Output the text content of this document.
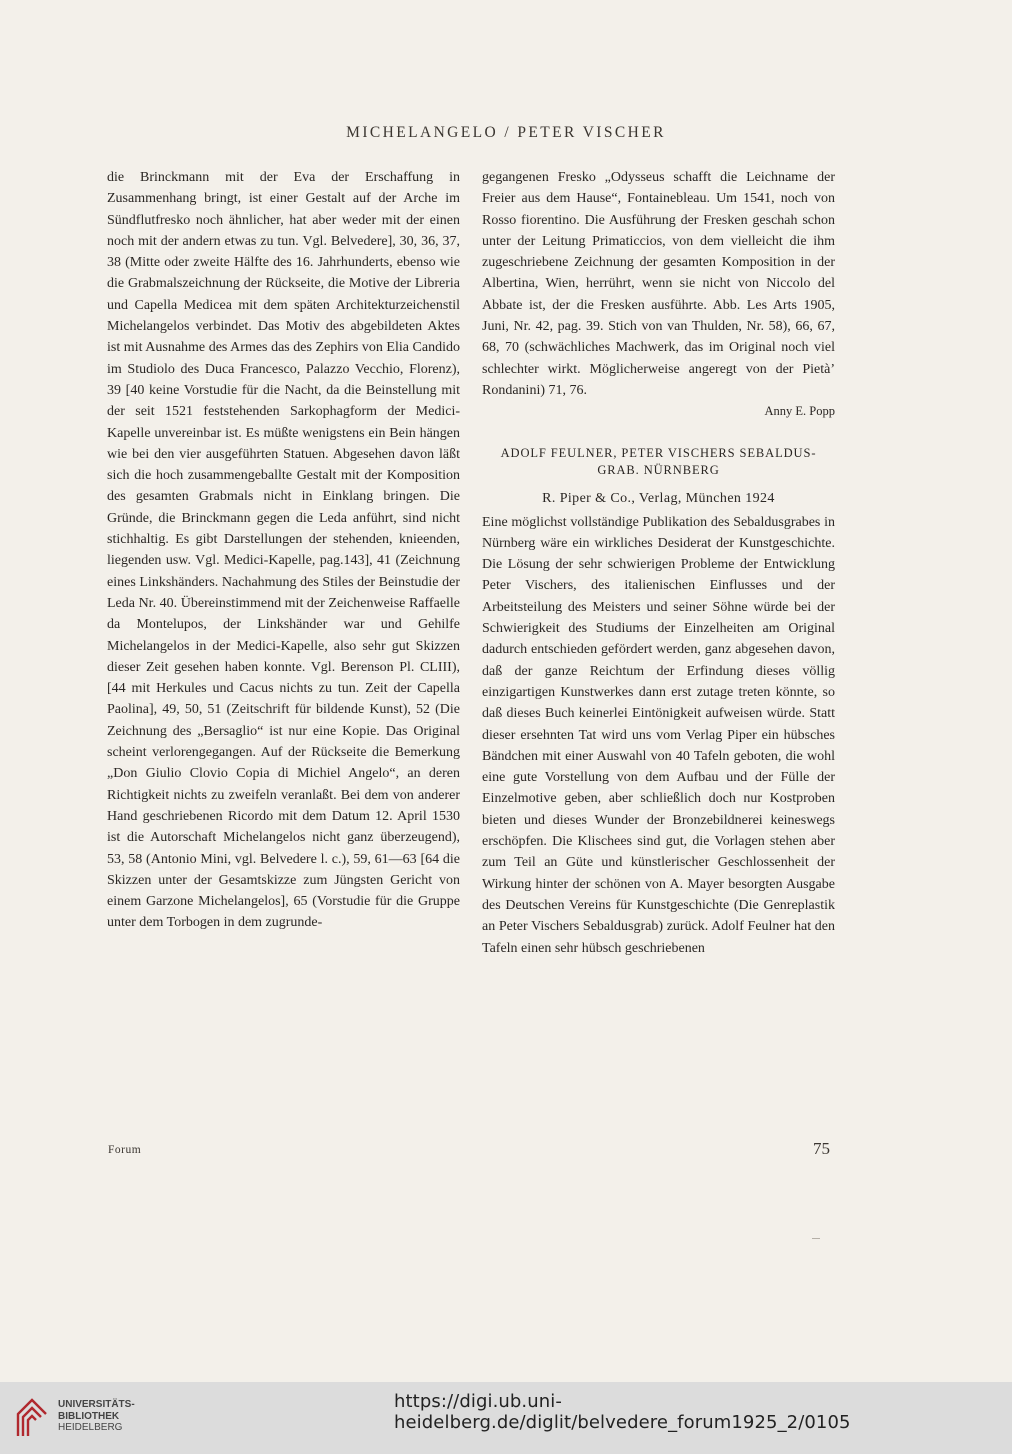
MICHELANGELO / PETER VISCHER

die Brinckmann mit der Eva der Erschaffung in Zusammenhang bringt, ist einer Gestalt auf der Arche im Sündflutfresko noch ähnlicher, hat aber weder mit der einen noch mit der andern etwas zu tun. Vgl. Belvedere], 30, 36, 37, 38 (Mitte oder zweite Hälfte des 16. Jahrhunderts, ebenso wie die Grabmalszeichnung der Rückseite, die Motive der Libreria und Capella Medicea mit dem späten Architekturzeichenstil Michelangelos verbindet. Das Motiv des abgebildeten Aktes ist mit Ausnahme des Armes das des Zephirs von Elia Candido im Studiolo des Duca Francesco, Palazzo Vecchio, Florenz), 39 [40 keine Vorstudie für die Nacht, da die Beinstellung mit der seit 1521 feststehenden Sarkophagform der Medici-Kapelle unvereinbar ist. Es müßte wenigstens ein Bein hängen wie bei den vier ausgeführten Statuen. Abgesehen davon läßt sich die hoch zusammengeballte Gestalt mit der Komposition des gesamten Grabmals nicht in Einklang bringen. Die Gründe, die Brinckmann gegen die Leda anführt, sind nicht stichhaltig. Es gibt Darstellungen der stehenden, knieenden, liegenden usw. Vgl. Medici-Kapelle, pag.143], 41 (Zeichnung eines Linkshänders. Nachahmung des Stiles der Beinstudie der Leda Nr. 40. Übereinstimmend mit der Zeichenweise Raffaelle da Montelupos, der Linkshänder war und Gehilfe Michelangelos in der Medici-Kapelle, also sehr gut Skizzen dieser Zeit gesehen haben konnte. Vgl. Berenson Pl. CLIII), [44 mit Herkules und Cacus nichts zu tun. Zeit der Capella Paolina], 49, 50, 51 (Zeitschrift für bildende Kunst), 52 (Die Zeichnung des „Bersaglio“ ist nur eine Kopie. Das Original scheint verlorengegangen. Auf der Rückseite die Bemerkung „Don Giulio Clovio Copia di Michiel Angelo“, an deren Richtigkeit nichts zu zweifeln veranlaßt. Bei dem von anderer Hand geschriebenen Ricordo mit dem Datum 12. April 1530 ist die Autorschaft Michelangelos nicht ganz überzeugend), 53, 58 (Antonio Mini, vgl. Belvedere l. c.), 59, 61—63 [64 die Skizzen unter der Gesamtskizze zum Jüngsten Gericht von einem Garzone Michelangelos], 65 (Vorstudie für die Gruppe unter dem Torbogen in dem zugrunde-

gegangenen Fresko „Odysseus schafft die Leichname der Freier aus dem Hause“, Fontainebleau. Um 1541, noch von Rosso fiorentino. Die Ausführung der Fresken geschah schon unter der Leitung Primaticcios, von dem vielleicht die ihm zugeschriebene Zeichnung der gesamten Komposition in der Albertina, Wien, herrührt, wenn sie nicht von Niccolo del Abbate ist, der die Fresken ausführte. Abb. Les Arts 1905, Juni, Nr. 42, pag. 39. Stich von van Thulden, Nr. 58), 66, 67, 68, 70 (schwächliches Machwerk, das im Original noch viel schlechter wirkt. Möglicherweise angeregt von der Pietà’ Rondanini) 71, 76.

Anny E. Popp
ADOLF FEULNER, PETER VISCHERS SEBALDUS-
GRAB. NÜRNBERG
R. Piper & Co., Verlag, München 1924

Eine möglichst vollständige Publikation des Sebaldusgrabes in Nürnberg wäre ein wirkliches Desiderat der Kunstgeschichte. Die Lösung der sehr schwierigen Probleme der Entwicklung Peter Vischers, des italienischen Einflusses und der Arbeitsteilung des Meisters und seiner Söhne würde bei der Schwierigkeit des Studiums der Einzelheiten am Original dadurch entschieden gefördert werden, ganz abgesehen davon, daß der ganze Reichtum der Erfindung dieses völlig einzigartigen Kunstwerkes dann erst zutage treten könnte, so daß dieses Buch keinerlei Eintönigkeit aufweisen würde. Statt dieser ersehnten Tat wird uns vom Verlag Piper ein hübsches Bändchen mit einer Auswahl von 40 Tafeln geboten, die wohl eine gute Vorstellung von dem Aufbau und der Fülle der Einzelmotive geben, aber schließlich doch nur Kostproben bieten und dieses Wunder der Bronzebildnerei keineswegs erschöpfen. Die Klischees sind gut, die Vorlagen stehen aber zum Teil an Güte und künstlerischer Geschlossenheit der Wirkung hinter der schönen von A. Mayer besorgten Ausgabe des Deutschen Vereins für Kunstgeschichte (Die Genreplastik an Peter Vischers Sebaldusgrab) zurück. Adolf Feulner hat den Tafeln einen sehr hübsch geschriebenen

Forum	75
UNIVERSITÄTS-
BIBLIOTHEK
HEIDELBERG
https://digi.ub.uni-heidelberg.de/diglit/belvedere_forum1925_2/0105
